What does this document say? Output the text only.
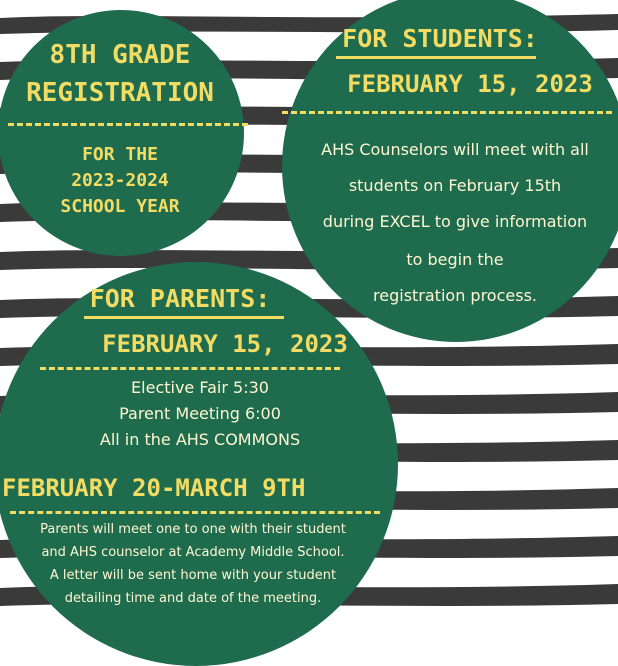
8TH GRADE
REGISTRATION
FOR THE
2023-2024
SCHOOL YEAR
FOR STUDENTS:
FEBRUARY 15, 2023
AHS Counselors will meet with all
students on February 15th
during EXCEL to give information
to begin the
registration process.
FOR PARENTS:
FEBRUARY 15, 2023
Elective Fair 5:30
Parent Meeting 6:00
All in the AHS COMMONS
FEBRUARY 20-MARCH 9TH
Parents will meet one to one with their student
and AHS counselor at Academy Middle School.
A letter will be sent home with your student
detailing time and date of the meeting.
